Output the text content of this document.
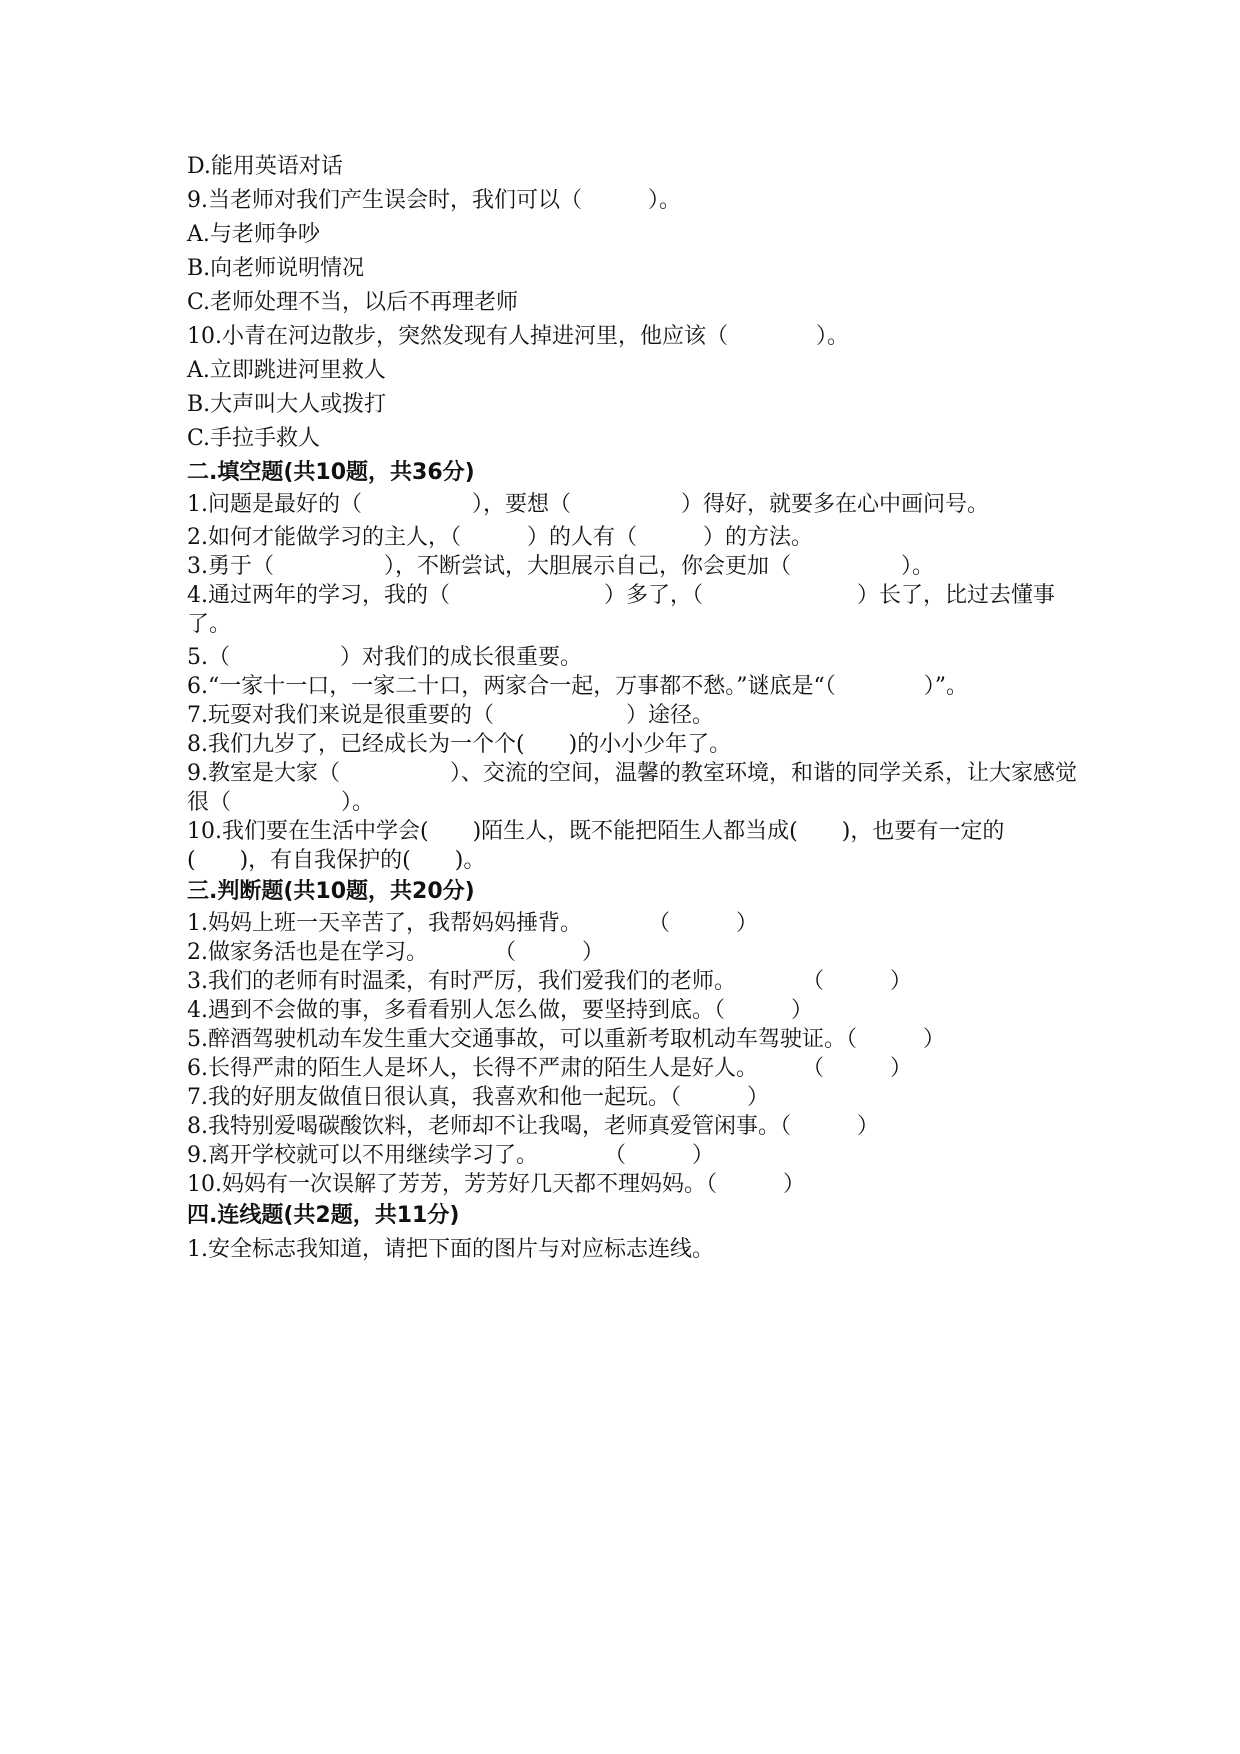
D.能用英语对话
9.当老师对我们产生误会时，我们可以（　　　）。
A.与老师争吵
B.向老师说明情况
C.老师处理不当，以后不再理老师
10.小青在河边散步，突然发现有人掉进河里，他应该（　　　　）。
A.立即跳进河里救人
B.大声叫大人或拨打
C.手拉手救人
二.填空题(共10题，共36分)
1.问题是最好的（　　　　　），要想（　　　　　）得好，就要多在心中画问号。
2.如何才能做学习的主人，（　　　）的人有（　　　）的方法。
3.勇于（　　　　　），不断尝试，大胆展示自己，你会更加（　　　　　）。
4.通过两年的学习，我的（　　　　　　　）多了，（　　　　　　　）长了，比过去懂事了。
5.（　　　　　）对我们的成长很重要。
6.“一家十一口，一家二十口，两家合一起，万事都不愁。”谜底是“（　　　　）”。
7.玩耍对我们来说是很重要的（　　　　　　）途径。
8.我们九岁了，已经成长为一个个(　　)的小小少年了。
9.教室是大家（　　　　　）、交流的空间，温馨的教室环境，和谐的同学关系，让大家感觉很（　　　　　）。
10.我们要在生活中学会(　　)陌生人，既不能把陌生人都当成(　　)，也要有一定的(　　)，有自我保护的(　　)。
三.判断题(共10题，共20分)
1.妈妈上班一天辛苦了，我帮妈妈捶背。　　　　（　　　）
2.做家务活也是在学习。　　　　（　　　）
3.我们的老师有时温柔，有时严厉，我们爱我们的老师。　　　　（　　　）
4.遇到不会做的事，多看看别人怎么做，要坚持到底。（　　　）
5.醉酒驾驶机动车发生重大交通事故，可以重新考取机动车驾驶证。（　　　）
6.长得严肃的陌生人是坏人，长得不严肃的陌生人是好人。　　　（　　　）
7.我的好朋友做值日很认真，我喜欢和他一起玩。（　　　）
8.我特别爱喝碳酸饮料，老师却不让我喝，老师真爱管闲事。（　　　）
9.离开学校就可以不用继续学习了。　　　　（　　　）
10.妈妈有一次误解了芳芳，芳芳好几天都不理妈妈。（　　　）
四.连线题(共2题，共11分)
1.安全标志我知道，请把下面的图片与对应标志连线。
